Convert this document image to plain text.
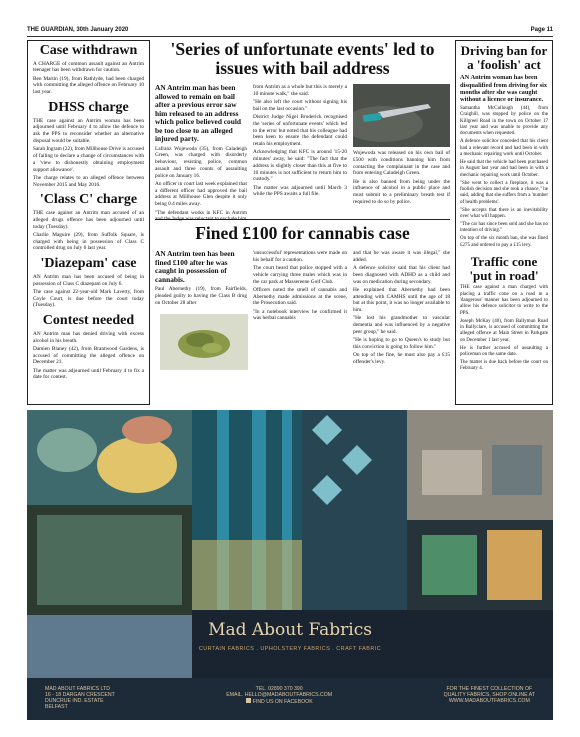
THE GUARDIAN, 30th January 2020	Page 11
Case withdrawn

A CHARGE of common assault against an Antrim teenager has been withdrawn for caution.

Ben Martin (19), from Rathlyde, had been charged with committing the alleged offence on February 10 last year.

DHSS charge

THE case against an Antrim woman has been adjourned until February 4 to allow the defence to ask the PPS to reconsider whether an alternative disposal would be suitable.

Sarah Ingram (22), from Millhouse Drive is accused of failing to declare a change of circumstances with a 'view to dishonestly obtaining employment support allowance'.

The charge relates to an alleged offence between November 2015 and May 2016.

'Class C' charge

THE case against an Antrim man accused of an alleged drugs offence has been adjourned until today (Tuesday).

Charlie Maguire (29), from Suffolk Square, is charged with being in possession of Class C controlled drug on July 6 last year.

'Diazepam' case

AN Antrim man has been accused of being in possession of Class C diazepam on July 6.

The case against 22-year-old Mark Laverty, from Coyle Court, is due before the court today (Tuesday).

Contest needed

AN Antrim man has denied driving with excess alcohol in his breath.

Damien Blaney (42), from Brantwood Gardens, is accused of committing the alleged offence on December 21.

The matter was adjourned until February 4 to fix a date for contest.

'Series of unfortunate events' led to issues with bail address
AN Antrim man has been allowed to remain on bail after a previous error saw him released to an address which police believed could be too close to an alleged injured party.

Lafranz Wojewoda (35), from Caladeigh Green, was charged with disorderly behaviour, resisting police, common assault and three counts of assaulting police on January 16.

An officer in court last week explained that a different officer had approved the bail address at Millhouse Glen despite it only being 0.4 miles away.

"The defendant works in KFC in Antrim and the Judge was reluctant to exclude him

from Antrim as a whole but this is merely a 10 minute walk," she said.

"He also left the court without signing his bail on the last occasion."

District Judge Nigel Broderick recognised the 'series of unfortunate events' which led to the error but noted that his colleague had been keen to ensure the defendant could retain his employment.

Acknowledging that KFC is around '15-20 minutes' away, he said: "The fact that the address is slightly closer than this at five to 10 minutes is not sufficient to return him to custody."

The matter was adjourned until March 3 while the PPS awaits a full file.

Wojewoda was released on his own bail of £500 with conditions banning him from contacting the complainant in the case and from entering Caladeigh Green.

He is also banned from being under the influence of alcohol in a public place and must submit to a preliminary breath test if required to do so by police.

Fined £100 for cannabis case
AN Antrim teen has been fined £100 after he was caught in possession of cannabis.

Paul Abernethy (19), from Fairfields, pleaded guilty to having the Class B drug on October 28 after

'unsuccessful' representations were made on his behalf for a caution.

The court heard that police stopped with a vehicle carrying three males which was in the car park at Massereene Golf Club.

Officers noted the smell of cannabis and Abernethy made admissions at the scene, the Prosecution said.

"In a notebook interview he confirmed it was herbal cannabis

and that he was aware it was illegal," she added.

A defence solicitor said that his client had been diagnosed with ADHD as a child and was on medication during secondary.

He explained that Abernethy had been attending with CAMHS until the age of 18 but at this point, it was no longer available to him.

"He lost his grandmother to vascular dementia and was influenced by a negative peer group," he said.

"He is hoping to go to Queen's to study but this conviction is going to follow him."

On top of the fine, he must also pay a £15 offender's levy.

Driving ban for a 'foolish' act
AN Antrim woman has been disqualified from driving for six months after she was caught without a licence or insurance.

Samantha McCullough (44), from Craighill, was stopped by police on the Killgreel Road in the town on October 17 last year and was unable to provide any documents when requested.

A defence solicitor conceded that his client had a relevant record and had been in with a mechanic repairing work until October.

He said that the vehicle had been purchased in August last year and had been in with a mechanic repairing work until October.

"She went to collect a fireplace, it was a foolish decision and she took a chance," he said, adding that she suffers from a 'number of health problems'.

"She accepts that there is an inevitability over what will happen.

"The car has since been sold and she has no intention of driving."

On top of the six month ban, she was fined £275 and ordered to pay a £15 levy.

Traffic cone 'put in road'

THE case against a man charged with placing a traffic cone on a road in a 'dangerous' manner has been adjourned to allow his defence solicitor to write to the PPS.

Joseph McKay (40), from Ballymun Road in Ballyclare, is accused of committing the alleged offence at Main Street in Parkgate on December 1 last year.

He is further accused of assaulting a policeman on the same date.

The matter is due back before the court on February 4.

Mad About Fabrics
CURTAIN FABRICS . UPHOLSTERY FABRICS . CRAFT FABRIC
MAD ABOUT FABRICS LTD
16 - 18 DARGAN CRESCENT
DUNCRUE IND. ESTATE
BELFAST
TEL. 02890 370 390
EMAIL. HELLO@MADABOUTFABRICS.COM
FIND US ON FACEBOOK
FOR THE FINEST COLLECTION OF
QUALITY FABRICS, SHOP ONLINE AT
WWW.MADABOUTFABRICS.COM
